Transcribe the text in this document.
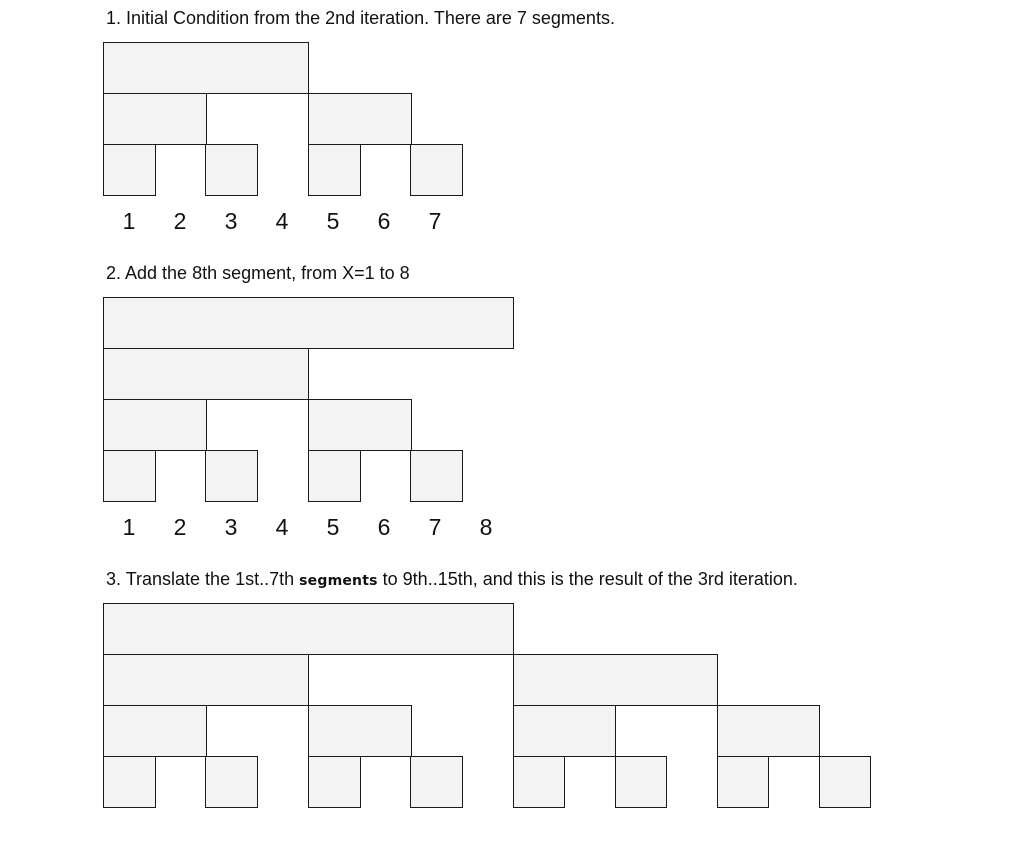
1. Initial Condition from the 2nd iteration. There are 7 segments.
1	2	3	4	5	6	7
2. Add the 8th segment, from X=1 to 8
1	2	3	4	5	6	7	8
3. Translate the 1st..7th segments to 9th..15th, and this is the result of the 3rd iteration.
